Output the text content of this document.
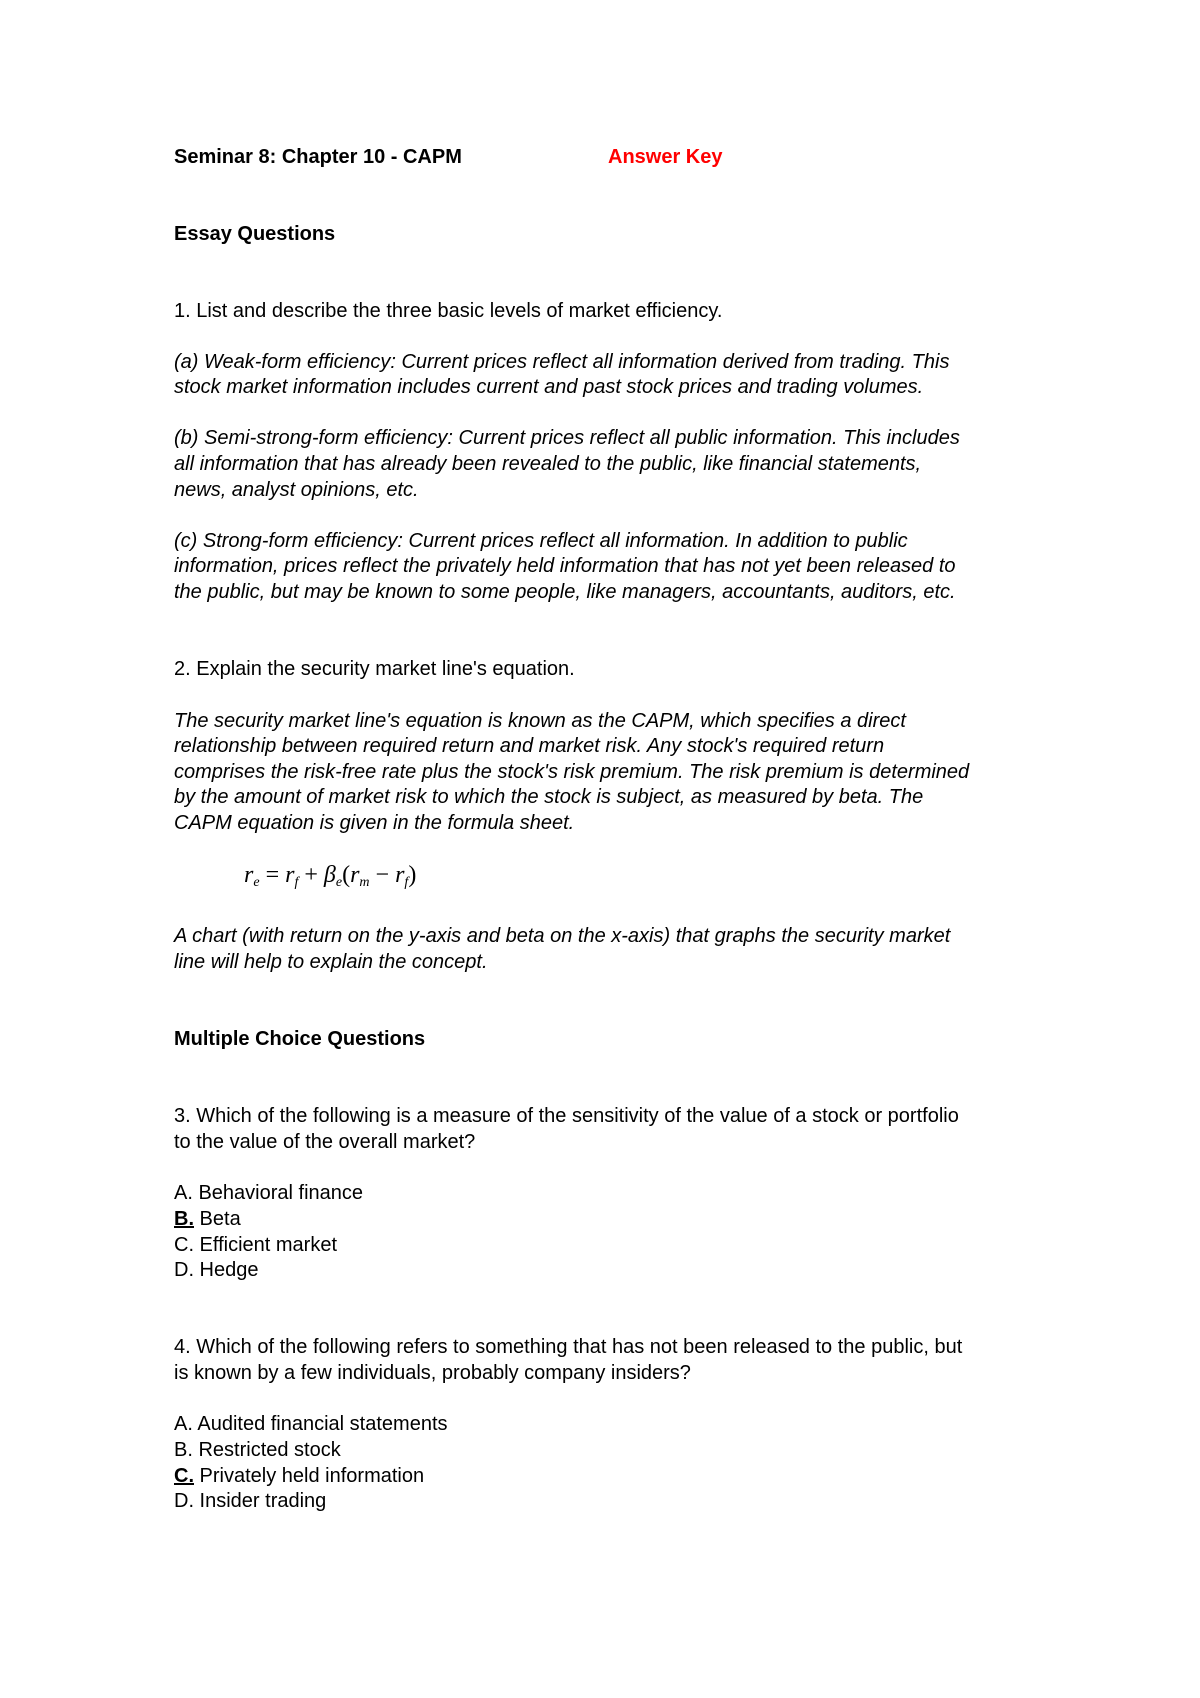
Seminar 8: Chapter 10 - CAPM	Answer Key
Essay Questions
1. List and describe the three basic levels of market efficiency.
(a) Weak-form efficiency: Current prices reflect all information derived from trading. This
stock market information includes current and past stock prices and trading volumes.
(b) Semi-strong-form efficiency: Current prices reflect all public information. This includes
all information that has already been revealed to the public, like financial statements,
news, analyst opinions, etc.
(c) Strong-form efficiency: Current prices reflect all information. In addition to public
information, prices reflect the privately held information that has not yet been released to
the public, but may be known to some people, like managers, accountants, auditors, etc.
2. Explain the security market line's equation.
The security market line's equation is known as the CAPM, which specifies a direct
relationship between required return and market risk. Any stock's required return
comprises the risk-free rate plus the stock's risk premium. The risk premium is determined
by the amount of market risk to which the stock is subject, as measured by beta. The
CAPM equation is given in the formula sheet.
$r_e = r_f + \beta_e(r_m - r_f)$
A chart (with return on the y-axis and beta on the x-axis) that graphs the security market
line will help to explain the concept.
Multiple Choice Questions
3. Which of the following is a measure of the sensitivity of the value of a stock or portfolio
to the value of the overall market?
A. Behavioral finance
B. Beta
C. Efficient market
D. Hedge
4. Which of the following refers to something that has not been released to the public, but
is known by a few individuals, probably company insiders?
A. Audited financial statements
B. Restricted stock
C. Privately held information
D. Insider trading
